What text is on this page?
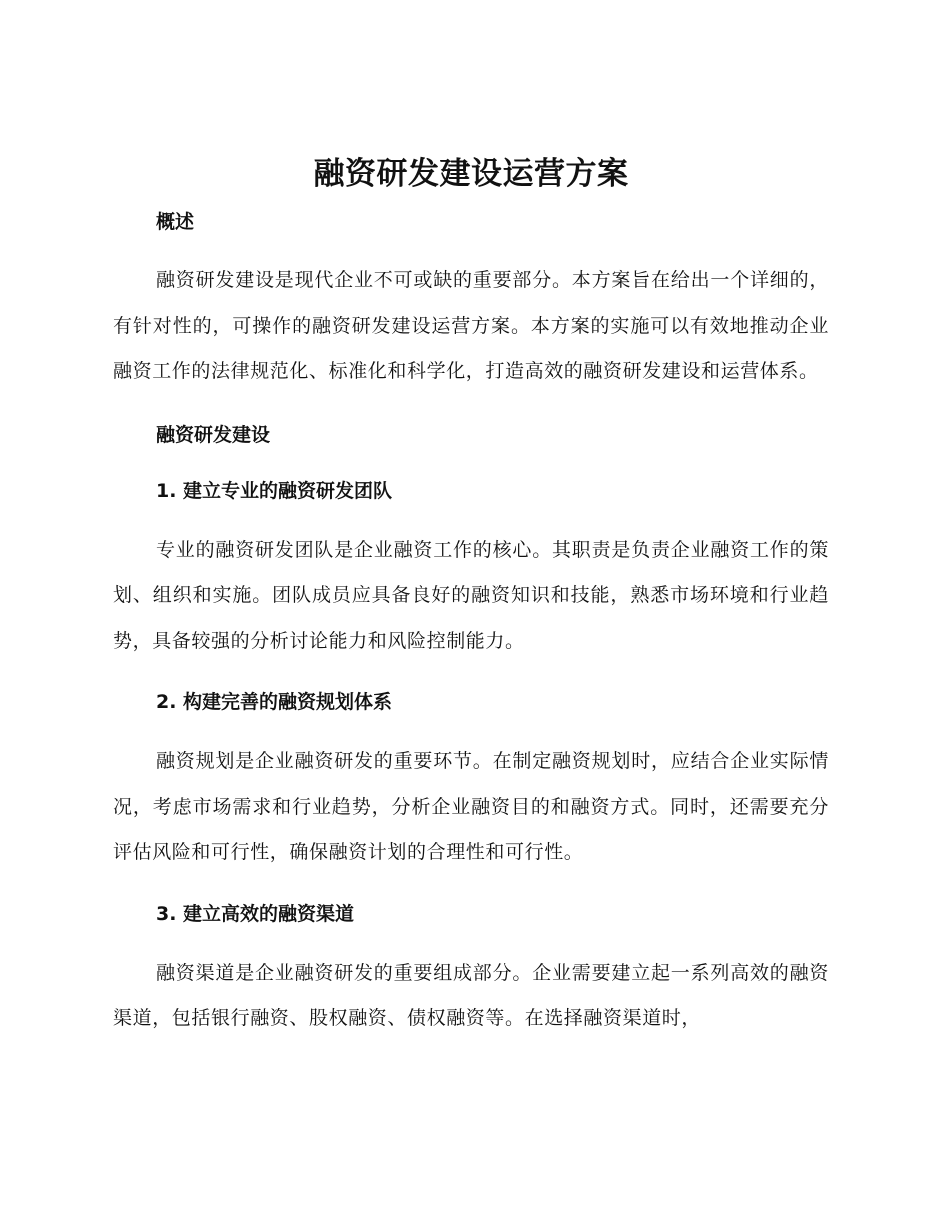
融资研发建设运营方案
概述

融资研发建设是现代企业不可或缺的重要部分。本方案旨在给出一个详细的，有针对性的，可操作的融资研发建设运营方案。本方案的实施可以有效地推动企业融资工作的法律规范化、标准化和科学化，打造高效的融资研发建设和运营体系。

融资研发建设
1. 建立专业的融资研发团队

专业的融资研发团队是企业融资工作的核心。其职责是负责企业融资工作的策划、组织和实施。团队成员应具备良好的融资知识和技能，熟悉市场环境和行业趋势，具备较强的分析讨论能力和风险控制能力。

2. 构建完善的融资规划体系

融资规划是企业融资研发的重要环节。在制定融资规划时，应结合企业实际情况，考虑市场需求和行业趋势，分析企业融资目的和融资方式。同时，还需要充分评估风险和可行性，确保融资计划的合理性和可行性。

3. 建立高效的融资渠道

融资渠道是企业融资研发的重要组成部分。企业需要建立起一系列高效的融资渠道，包括银行融资、股权融资、债权融资等。在选择融资渠道时，
